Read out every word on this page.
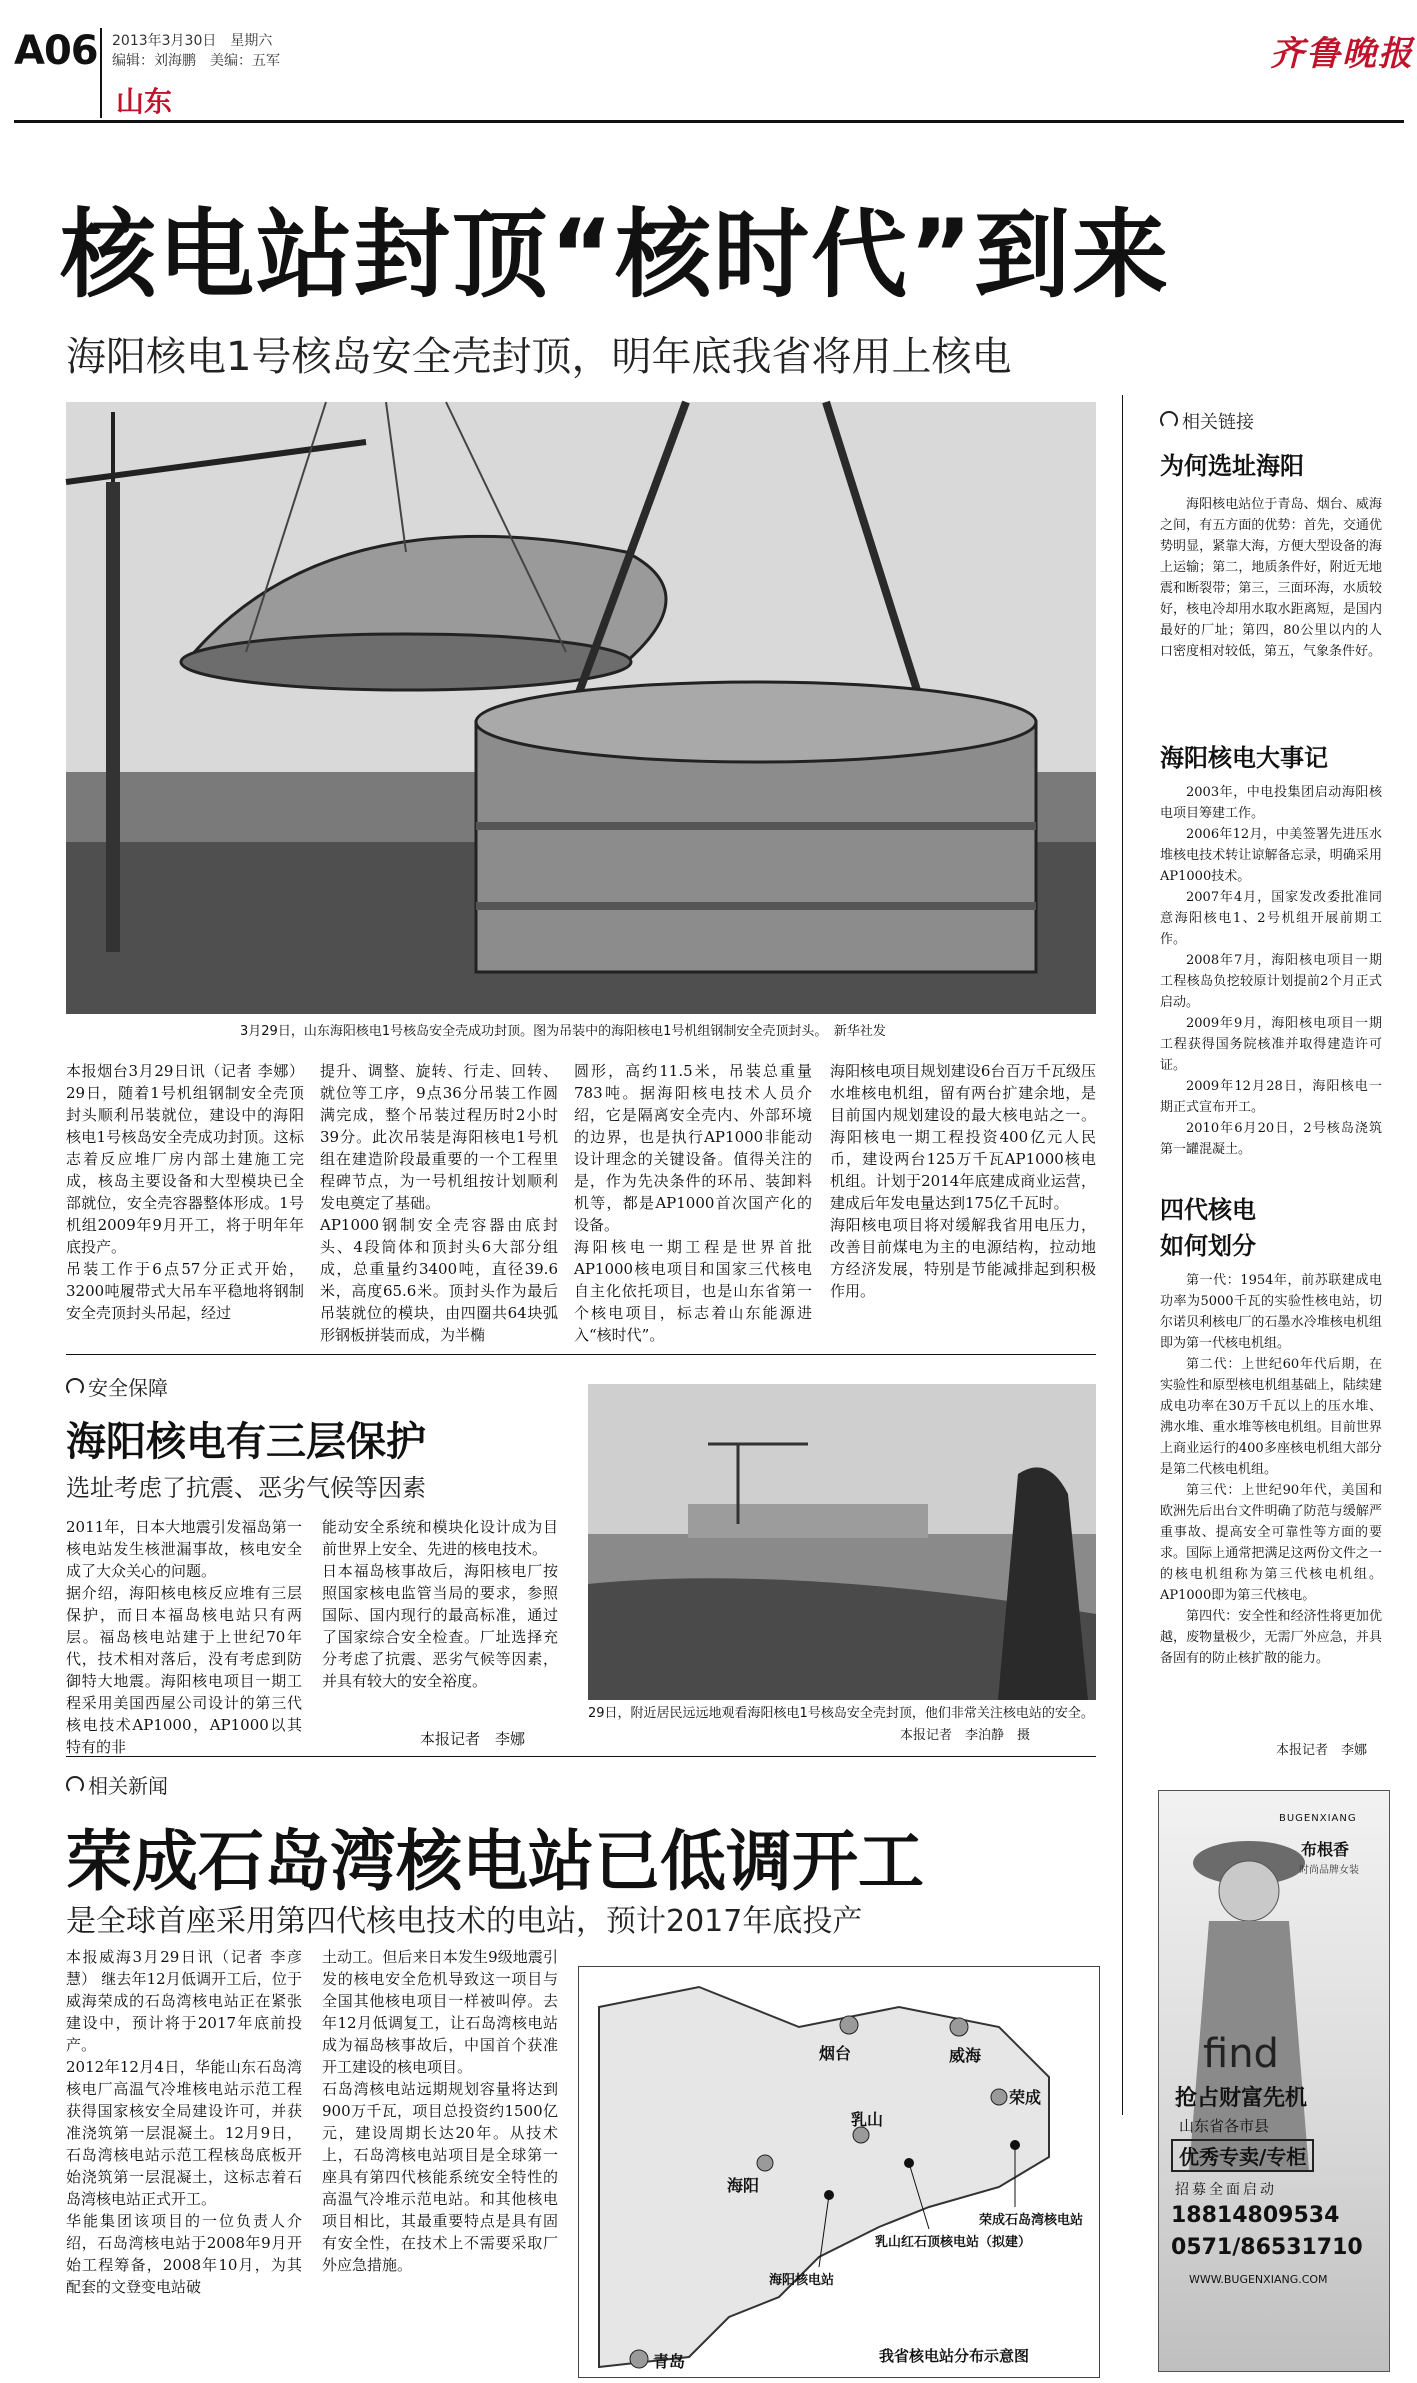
A06 2013年3月30日　星期六
编辑：刘海鹏　美编：五军
山东
齐鲁晚报
核电站封顶“核时代”到来
海阳核电1号核岛安全壳封顶，明年底我省将用上核电
3月29日，山东海阳核电1号核岛安全壳成功封顶。图为吊装中的海阳核电1号机组钢制安全壳顶封头。　新华社发
本报烟台3月29日讯（记者 李娜） 29日，随着1号机组钢制安全壳顶封头顺利吊装就位，建设中的海阳核电1号核岛安全壳成功封顶。这标志着反应堆厂房内部土建施工完成，核岛主要设备和大型模块已全部就位，安全壳容器整体形成。1号机组2009年9月开工，将于明年年底投产。
吊装工作于6点57分正式开始，3200吨履带式大吊车平稳地将钢制安全壳顶封头吊起，经过
提升、调整、旋转、行走、回转、就位等工序，9点36分吊装工作圆满完成，整个吊装过程历时2小时39分。此次吊装是海阳核电1号机组在建造阶段最重要的一个工程里程碑节点，为一号机组按计划顺利发电奠定了基础。
AP1000钢制安全壳容器由底封头、4段筒体和顶封头6大部分组成，总重量约3400吨，直径39.6米，高度65.6米。顶封头作为最后吊装就位的模块，由四圈共64块弧形钢板拼装而成，为半椭
圆形，高约11.5米，吊装总重量783吨。据海阳核电技术人员介绍，它是隔离安全壳内、外部环境的边界，也是执行AP1000非能动设计理念的关键设备。值得关注的是，作为先决条件的环吊、装卸料机等，都是AP1000首次国产化的设备。
海阳核电一期工程是世界首批AP1000核电项目和国家三代核电自主化依托项目，也是山东省第一个核电项目，标志着山东能源进入“核时代”。
海阳核电项目规划建设6台百万千瓦级压水堆核电机组，留有两台扩建余地，是目前国内规划建设的最大核电站之一。海阳核电一期工程投资400亿元人民币，建设两台125万千瓦AP1000核电机组。计划于2014年底建成商业运营，建成后年发电量达到175亿千瓦时。
海阳核电项目将对缓解我省用电压力，改善目前煤电为主的电源结构，拉动地方经济发展，特别是节能减排起到积极作用。
安全保障
海阳核电有三层保护
选址考虑了抗震、恶劣气候等因素
2011年，日本大地震引发福岛第一核电站发生核泄漏事故，核电安全成了大众关心的问题。
据介绍，海阳核电核反应堆有三层保护，而日本福岛核电站只有两层。福岛核电站建于上世纪70年代，技术相对落后，没有考虑到防御特大地震。海阳核电项目一期工程采用美国西屋公司设计的第三代核电技术AP1000，AP1000以其特有的非
能动安全系统和模块化设计成为目前世界上安全、先进的核电技术。
日本福岛核事故后，海阳核电厂按照国家核电监管当局的要求，参照国际、国内现行的最高标准，通过了国家综合安全检查。厂址选择充分考虑了抗震、恶劣气候等因素，并具有较大的安全裕度。
本报记者　李娜
29日，附近居民远远地观看海阳核电1号核岛安全壳封顶，他们非常关注核电站的安全。
本报记者　李泊静　摄
相关新闻
荣成石岛湾核电站已低调开工
是全球首座采用第四代核电技术的电站，预计2017年底投产
本报威海3月29日讯（记者 李彦慧） 继去年12月低调开工后，位于威海荣成的石岛湾核电站正在紧张建设中，预计将于2017年底前投产。
2012年12月4日，华能山东石岛湾核电厂高温气冷堆核电站示范工程获得国家核安全局建设许可，并获准浇筑第一层混凝土。12月9日，石岛湾核电站示范工程核岛底板开始浇筑第一层混凝土，这标志着石岛湾核电站正式开工。
华能集团该项目的一位负责人介绍，石岛湾核电站于2008年9月开始工程筹备，2008年10月，为其配套的文登变电站破
土动工。但后来日本发生9级地震引发的核电安全危机导致这一项目与全国其他核电项目一样被叫停。去年12月低调复工，让石岛湾核电站成为福岛核事故后，中国首个获准开工建设的核电项目。
石岛湾核电站远期规划容量将达到900万千瓦，项目总投资约1500亿元，建设周期长达20年。从技术上，石岛湾核电站项目是全球第一座具有第四代核能系统安全特性的高温气冷堆示范电站。和其他核电项目相比，其最重要特点是具有固有安全性，在技术上不需要采取厂外应急措施。
烟台	威海
荣成
乳山
海阳
青岛
荣成石岛湾核电站
乳山红石顶核电站（拟建）
海阳核电站
我省核电站分布示意图
相关链接
为何选址海阳
海阳核电站位于青岛、烟台、威海之间，有五方面的优势：首先，交通优势明显，紧靠大海，方便大型设备的海上运输；第二，地质条件好，附近无地震和断裂带；第三，三面环海，水质较好，核电冷却用水取水距离短，是国内最好的厂址；第四，80公里以内的人口密度相对较低，第五，气象条件好。
海阳核电大事记

2003年，中电投集团启动海阳核电项目筹建工作。

2006年12月，中美签署先进压水堆核电技术转让谅解备忘录，明确采用AP1000技术。

2007年4月，国家发改委批准同意海阳核电1、2号机组开展前期工作。

2008年7月，海阳核电项目一期工程核岛负挖较原计划提前2个月正式启动。

2009年9月，海阳核电项目一期工程获得国务院核准并取得建造许可证。

2009年12月28日，海阳核电一期正式宣布开工。

2010年6月20日，2号核岛浇筑第一罐混凝土。

四代核电
如何划分

第一代：1954年，前苏联建成电功率为5000千瓦的实验性核电站，切尔诺贝利核电厂的石墨水冷堆核电机组即为第一代核电机组。

第二代：上世纪60年代后期，在实验性和原型核电机组基础上，陆续建成电功率在30万千瓦以上的压水堆、沸水堆、重水堆等核电机组。目前世界上商业运行的400多座核电机组大部分是第二代核电机组。

第三代：上世纪90年代，美国和欧洲先后出台文件明确了防范与缓解严重事故、提高安全可靠性等方面的要求。国际上通常把满足这两份文件之一的核电机组称为第三代核电机组。AP1000即为第三代核电。

第四代：安全性和经济性将更加优越，废物量极少，无需厂外应急，并具备固有的防止核扩散的能力。

本报记者　李娜
布根香
BUGENXIANG
时尚品牌女装
find
抢占财富先机
山东省各市县
优秀专卖/专柜
招募全面启动
18814809534
0571/86531710
WWW.BUGENXIANG.COM
